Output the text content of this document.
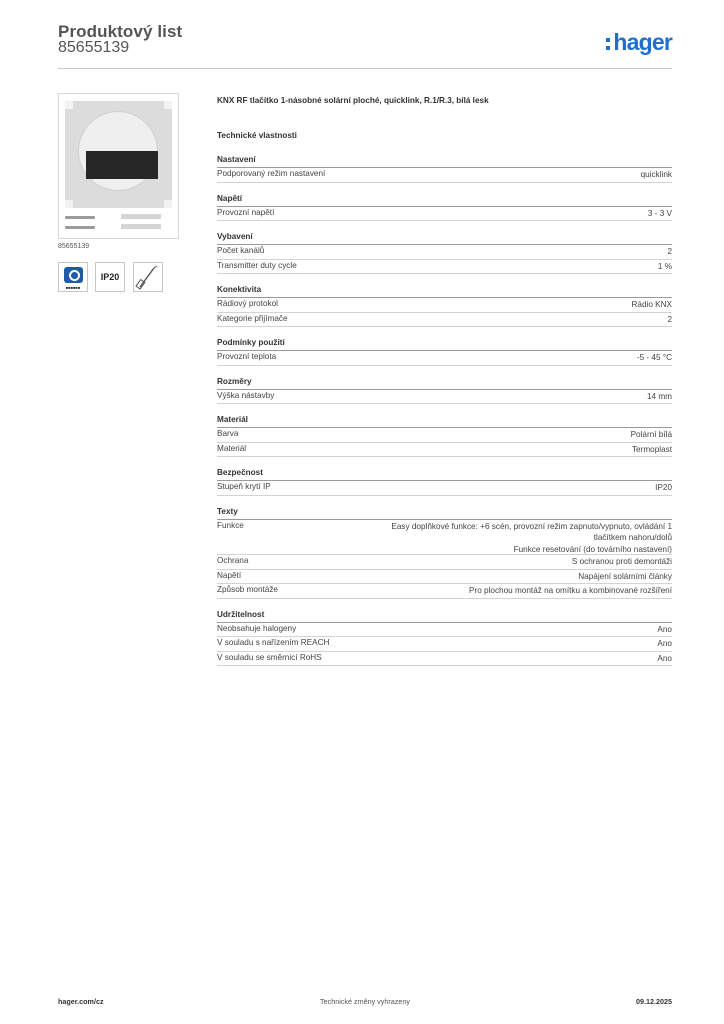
Produktový list
85655139	hager
85655139
■■■■■■
IP20
KNX RF tlačítko 1-násobné solární ploché, quicklink, R.1/R.3, bílá lesk
Technické vlastnosti
Nastavení
Podporovaný režim nastavení	quicklink
Napětí
Provozní napětí	3 - 3 V
Vybavení
Počet kanálů	2
Transmitter duty cycle	1 %
Konektivita
Rádiový protokol	Rádio KNX
Kategorie přijímače	2
Podmínky použití
Provozní teplota	-5 - 45 °C
Rozměry
Výška nástavby	14 mm
Materiál
Barva	Polární bílá
Materiál	Termoplast
Bezpečnost
Stupeň krytí IP	IP20
Texty
Funkce	Easy doplňkové funkce: +6 scén, provozní režim zapnuto/vypnuto, ovládání 1
tlačítkem nahoru/dolů
Funkce resetování (do továrního nastavení)
Ochrana	S ochranou proti demontáži
Napětí	Napájení solárními články
Způsob montáže	Pro plochou montáž na omítku a kombinované rozšíření
Udržitelnost
Neobsahuje halogeny	Ano
V souladu s nařízením REACH	Ano
V souladu se směrnicí RoHS	Ano
hager.com/cz	Technické změny vyhrazeny	09.12.2025
